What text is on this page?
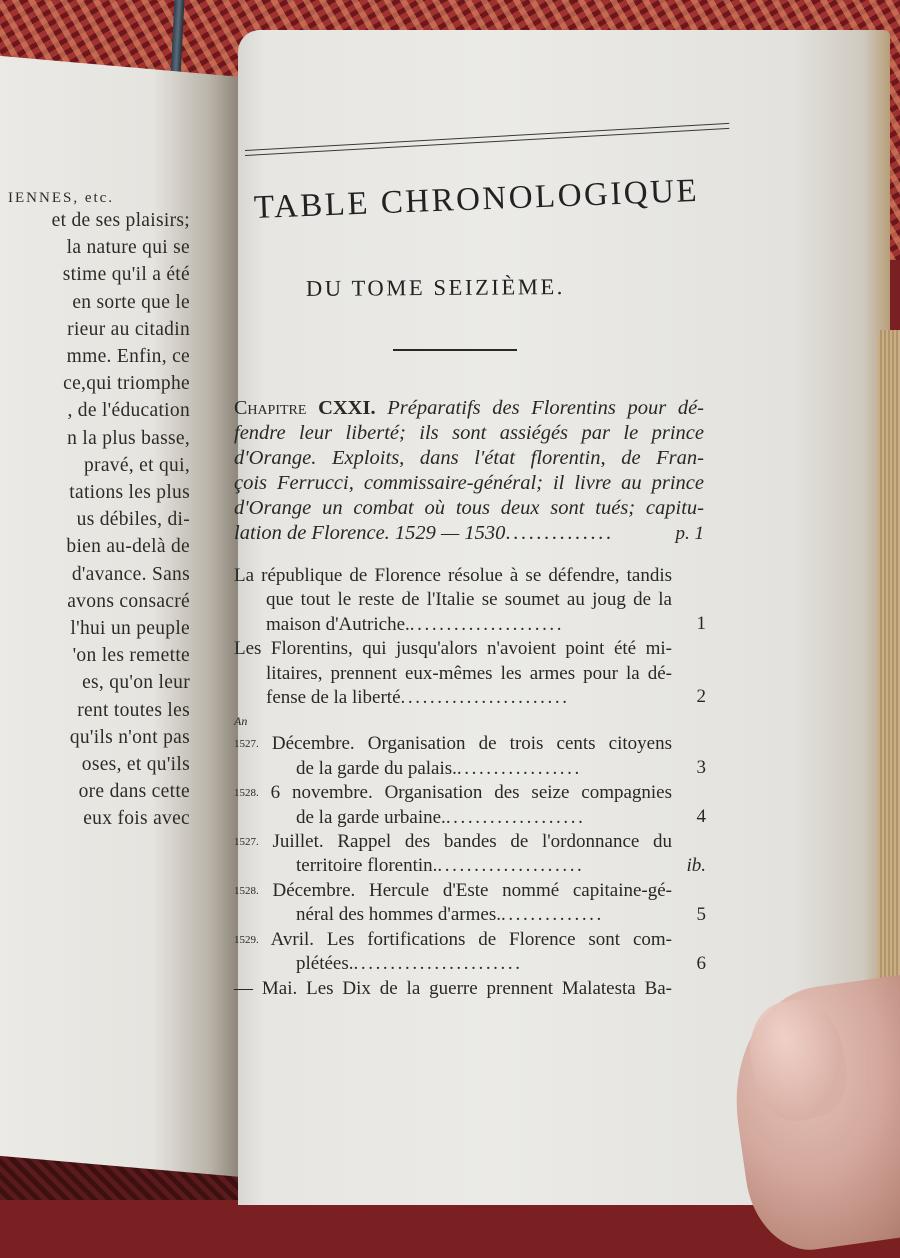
IENNES, etc.
et de ses plaisirs;
la nature qui se
stime qu'il a été
en sorte que le
rieur au citadin
mme. Enfin, ce
ce,qui triomphe
, de l'éducation
n la plus basse,
pravé, et qui,
tations les plus
us débiles, di-
bien au-delà de
d'avance. Sans
avons consacré
l'hui un peuple
'on les remette
es, qu'on leur
rent toutes les
qu'ils n'ont pas
oses, et qu'ils
ore dans cette
eux fois avec
TABLE CHRONOLOGIQUE
DU TOME SEIZIÈME.
Chapitre CXXI. Préparatifs des Florentins pour dé-
fendre leur liberté; ils sont assiégés par le prince
d'Orange. Exploits, dans l'état florentin, de Fran-
çois Ferrucci, commissaire-général; il livre au prince
d'Orange un combat où tous deux sont tués; capitu-
lation de Florence. 1529 — 1530..............	p. 1
La république de Florence résolue à se défendre, tandis
que tout le reste de l'Italie se soumet au joug de la
maison d'Autriche......................	1
Les Florentins, qui jusqu'alors n'avoient point été mi-
litaires, prennent eux-mêmes les armes pour la dé-
fense de la liberté.......................	2
An
$^{1527.}$ Décembre. Organisation de trois cents citoyens
de la garde du palais..................	3
$^{1528.}$ 6 novembre. Organisation des seize compagnies
de la garde urbaine....................	4
$^{1527.}$ Juillet. Rappel des bandes de l'ordonnance du
territoire florentin.....................	ib.
$^{1528.}$ Décembre. Hercule d'Este nommé capitaine-gé-
néral des hommes d'armes...............	5
$^{1529.}$ Avril. Les fortifications de Florence sont com-
plétées........................	6
— Mai. Les Dix de la guerre prennent Malatesta Ba-
